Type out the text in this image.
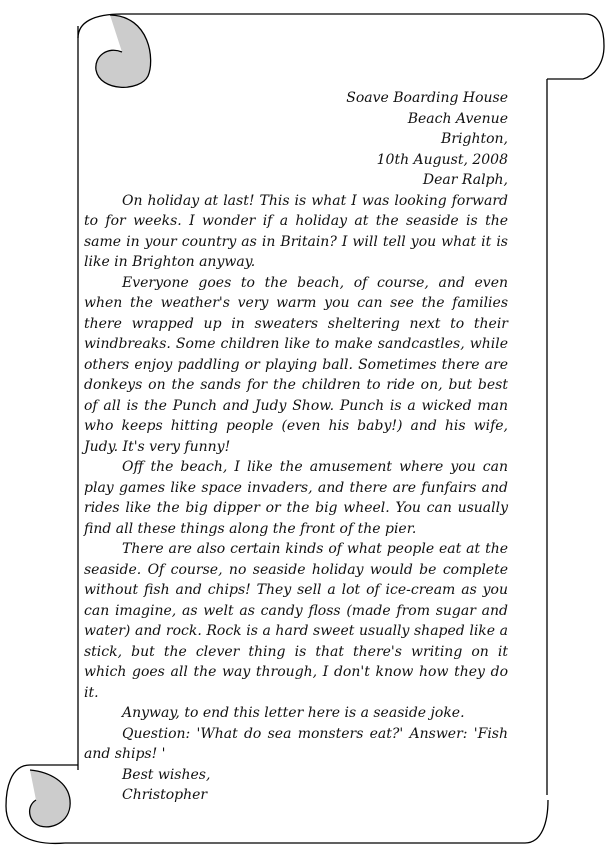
Soave Boarding House
Beach Avenue
Brighton,
10th August, 2008
Dear Ralph,

On holiday at last! This is what I was looking forward to for weeks. I wonder if a holiday at the seaside is the same in your country as in Britain? I will tell you what it is like in Brighton anyway.

Everyone goes to the beach, of course, and even when the weather's very warm you can see the families there wrapped up in sweaters sheltering next to their windbreaks. Some children like to make sandcastles, while others enjoy paddling or playing ball. Sometimes there are donkeys on the sands for the children to ride on, but best of all is the Punch and Judy Show. Punch is a wicked man who keeps hitting people (even his baby!) and his wife, Judy. It's very funny!

Off the beach, I like the amusement where you can play games like space invaders, and there are funfairs and rides like the big dipper or the big wheel. You can usually find all these things along the front of the pier.

There are also certain kinds of what people eat at the seaside. Of course, no seaside holiday would be complete without fish and chips! They sell a lot of ice-cream as you can imagine, as welt as candy floss (made from sugar and water) and rock. Rock is a hard sweet usually shaped like a stick, but the clever thing is that there's writing on it which goes all the way through, I don't know how they do it.

Anyway, to end this letter here is a seaside joke.

Question: 'What do sea monsters eat?' Answer: 'Fish and ships! '

Best wishes,
Christopher
